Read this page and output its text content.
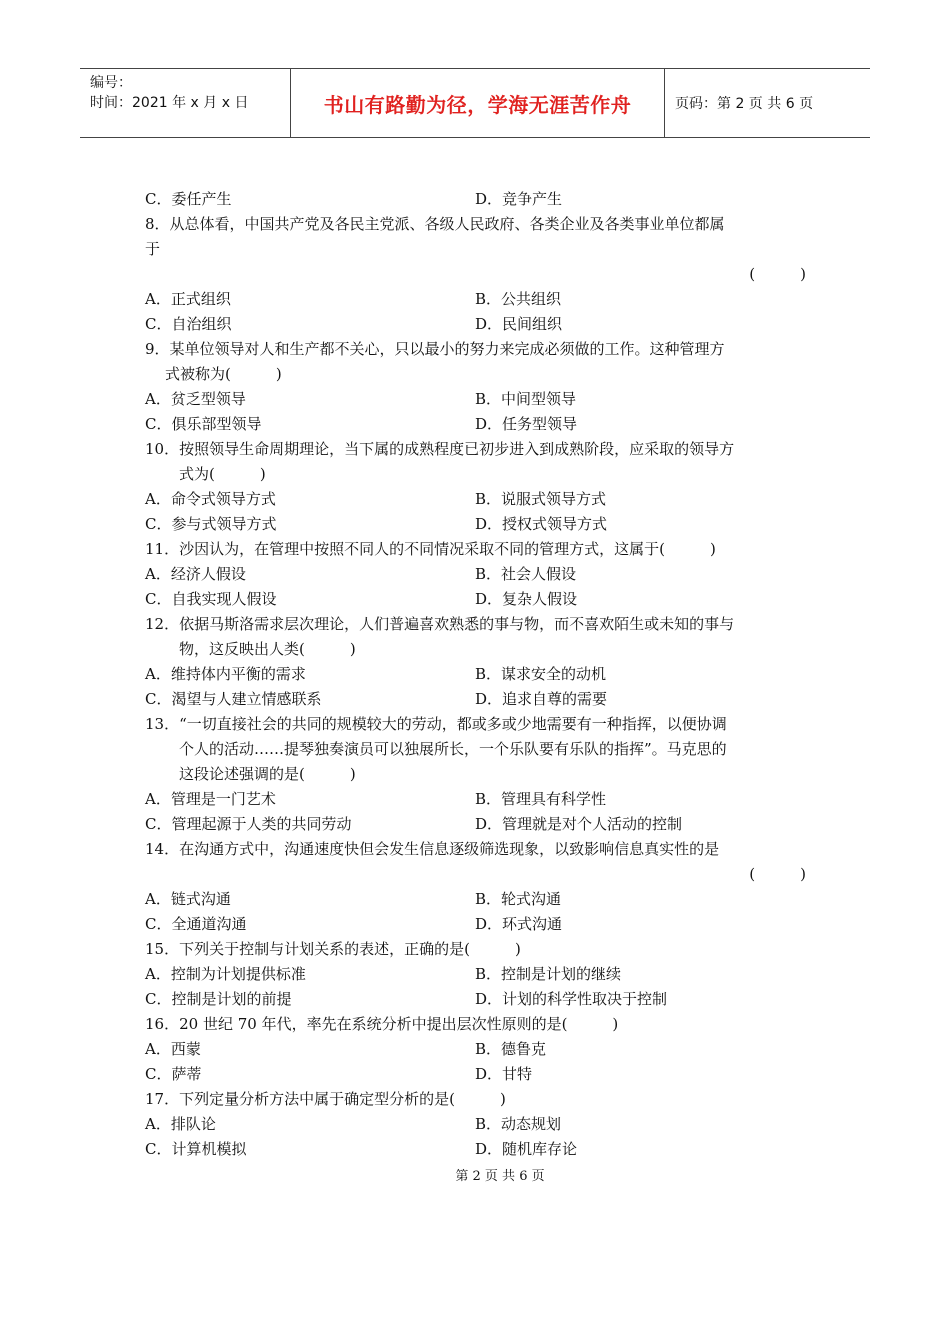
编号：
时间：2021 年 x 月 x 日	书山有路勤为径，学海无涯苦作舟	页码：第 2 页 共 6 页
C．委任产生	D．竞争产生
8．从总体看，中国共产党及各民主党派、各级人民政府、各类企业及各类事业单位都属
于
(　　　)
A．正式组织	B．公共组织
C．自治组织	D．民间组织
9．某单位领导对人和生产都不关心，只以最小的努力来完成必须做的工作。这种管理方
式被称为(　　　)
A．贫乏型领导	B．中间型领导
C．俱乐部型领导	D．任务型领导
10．按照领导生命周期理论，当下属的成熟程度已初步进入到成熟阶段，应采取的领导方
式为(　　　)
A．命令式领导方式	B．说服式领导方式
C．参与式领导方式	D．授权式领导方式
11．沙因认为，在管理中按照不同人的不同情况采取不同的管理方式，这属于(　　　)
A．经济人假设	B．社会人假设
C．自我实现人假设	D．复杂人假设
12．依据马斯洛需求层次理论，人们普遍喜欢熟悉的事与物，而不喜欢陌生或未知的事与
物，这反映出人类(　　　)
A．维持体内平衡的需求	B．谋求安全的动机
C．渴望与人建立情感联系	D．追求自尊的需要
13．“一切直接社会的共同的规模较大的劳动，都或多或少地需要有一种指挥，以便协调
个人的活动……提琴独奏演员可以独展所长，一个乐队要有乐队的指挥”。马克思的
这段论述强调的是(　　　)
A．管理是一门艺术	B．管理具有科学性
C．管理起源于人类的共同劳动	D．管理就是对个人活动的控制
14．在沟通方式中，沟通速度快但会发生信息逐级筛选现象，以致影响信息真实性的是
(　　　)
A．链式沟通	B．轮式沟通
C．全通道沟通	D．环式沟通
15．下列关于控制与计划关系的表述，正确的是(　　　)
A．控制为计划提供标准	B．控制是计划的继续
C．控制是计划的前提	D．计划的科学性取决于控制
16．20 世纪 70 年代，率先在系统分析中提出层次性原则的是(　　　)
A．西蒙	B．德鲁克
C．萨蒂	D．甘特
17．下列定量分析方法中属于确定型分析的是(　　　)
A．排队论	B．动态规划
C．计算机模拟	D．随机库存论
第 2 页 共 6 页
